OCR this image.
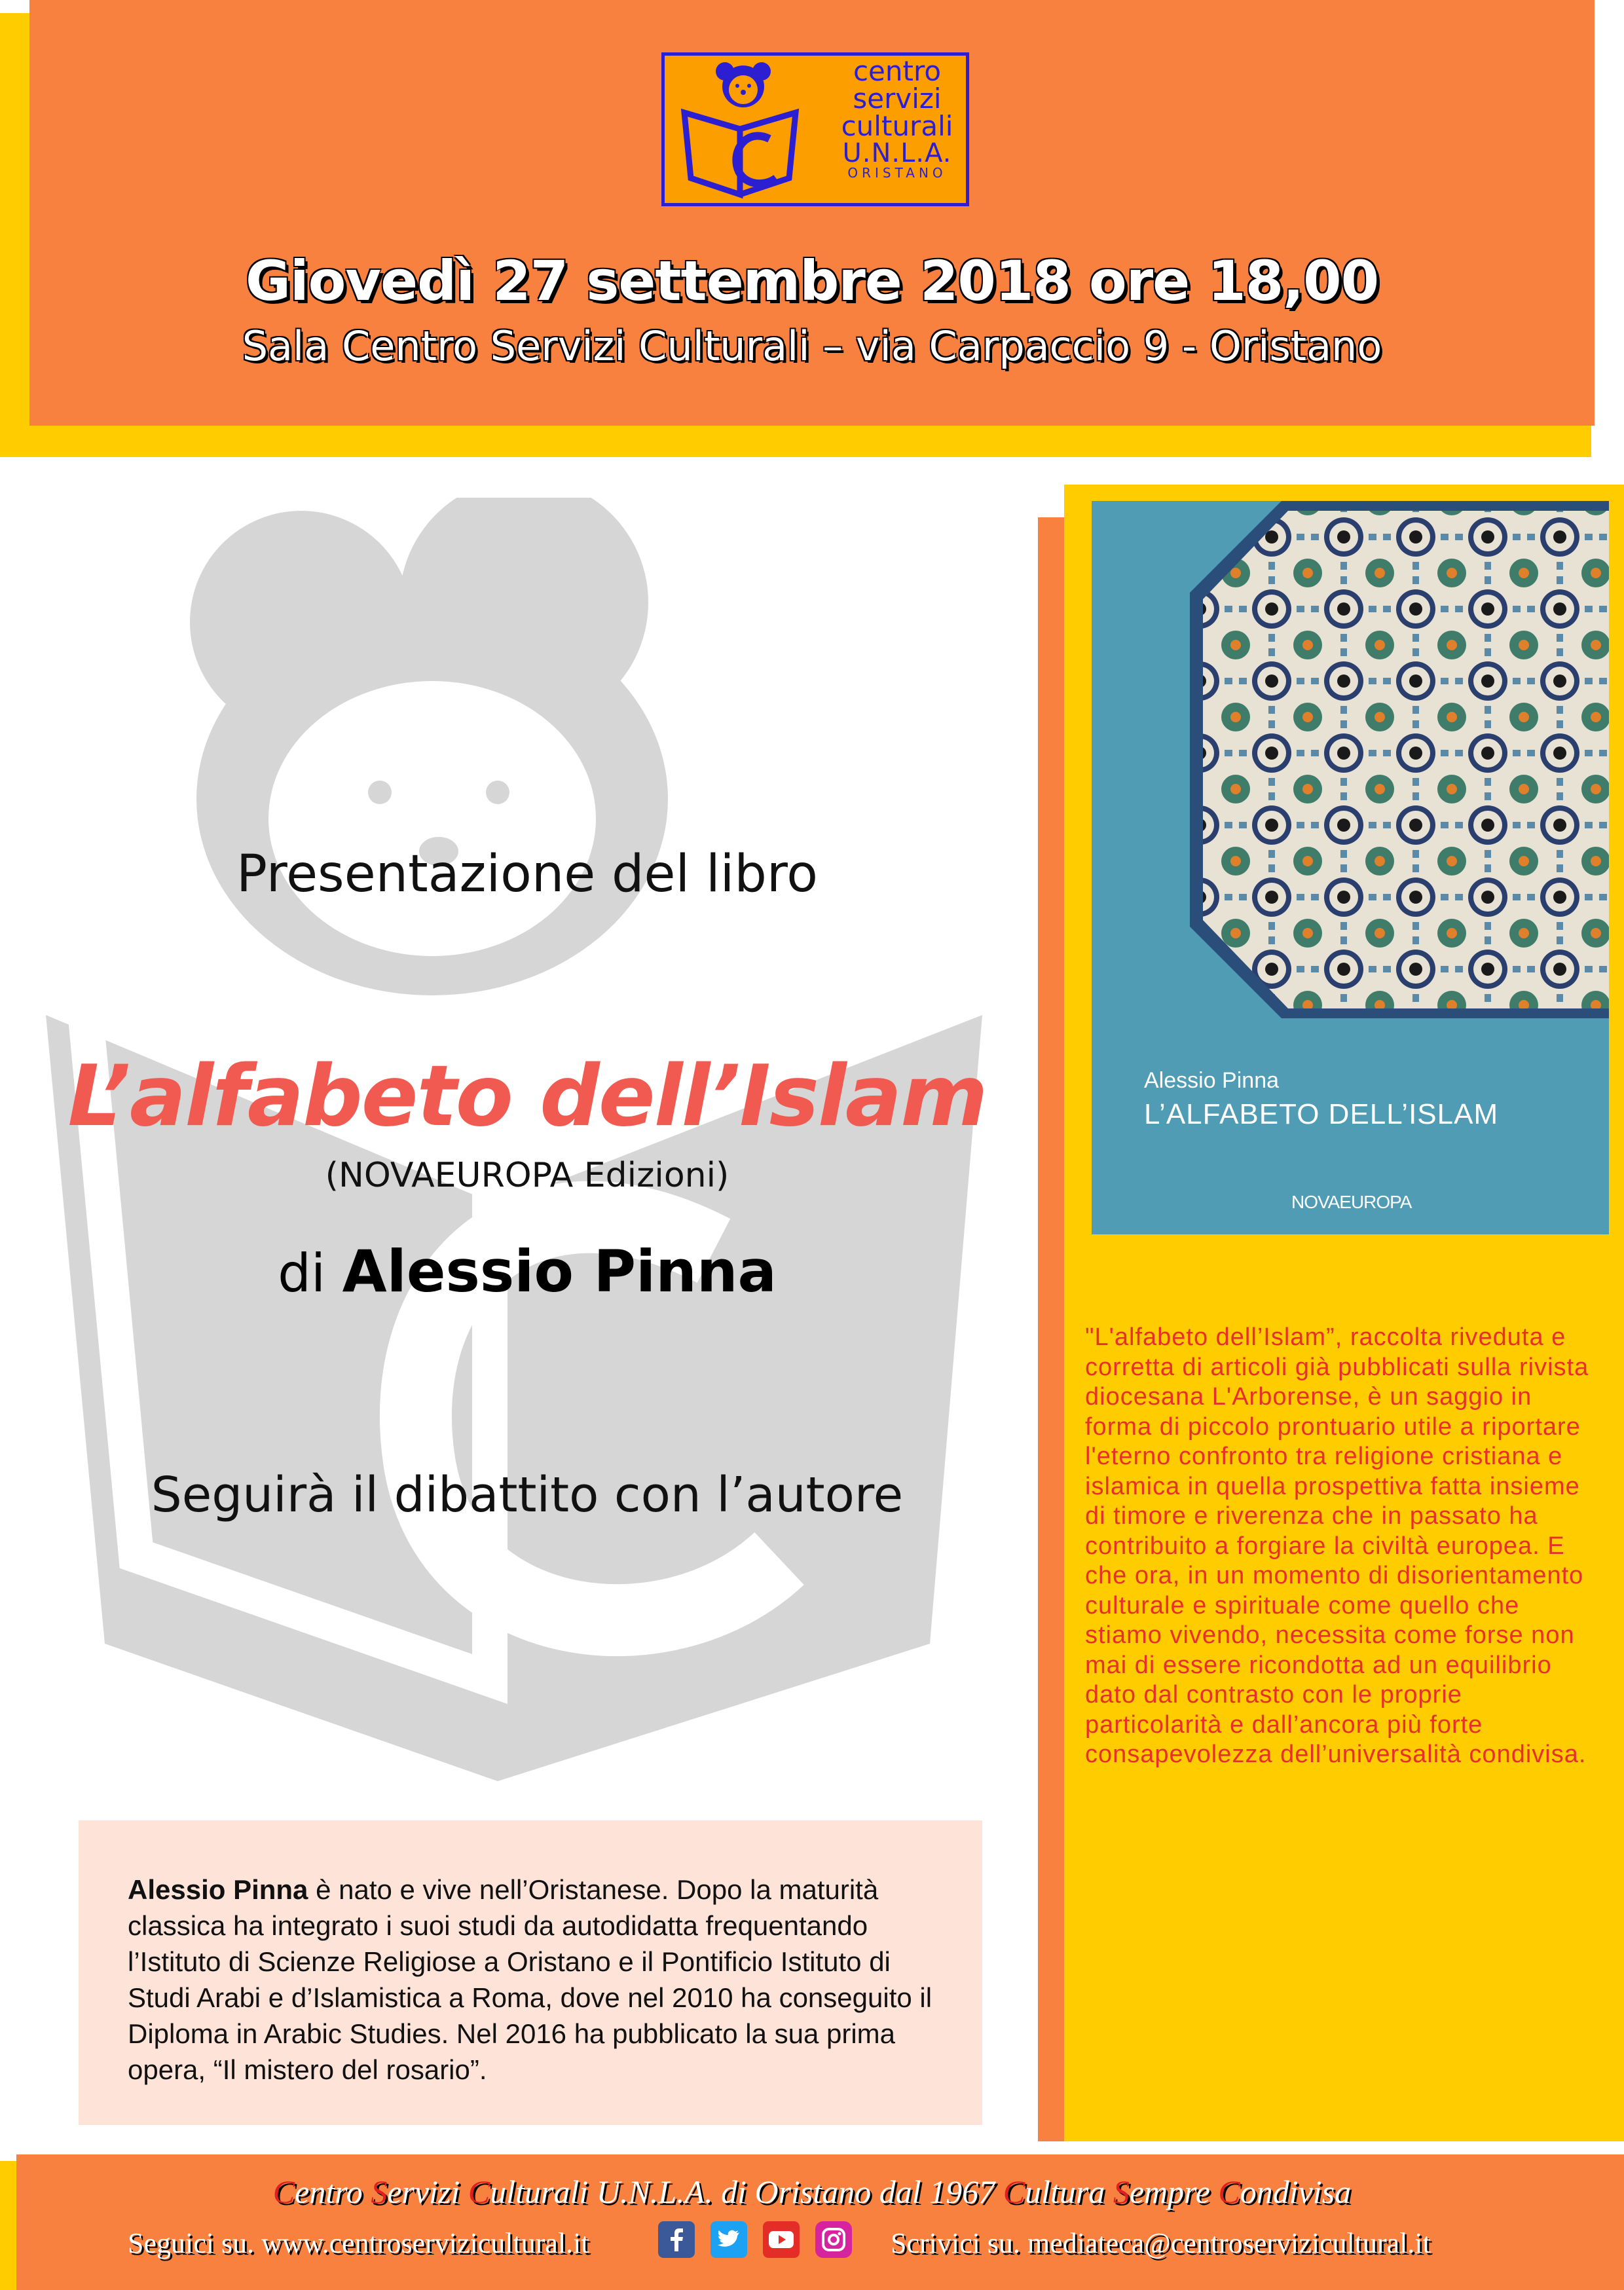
centro
servizi
culturali
U.N.L.A.
ORISTANO
Giovedì 27 settembre 2018 ore 18,00
Sala Centro Servizi Culturali – via Carpaccio 9 - Oristano
Presentazione del libro
L’alfabeto dell’Islam
(NOVAEUROPA Edizioni)
di Alessio Pinna
Seguirà il dibattito con l’autore
Alessio Pinna è nato e vive nell’Oristanese. Dopo la maturità classica ha integrato i suoi studi da autodidatta frequentando l’Istituto di Scienze Religiose a Oristano e il Pontificio Istituto di Studi Arabi e d’Islamistica a Roma, dove nel 2010 ha conseguito il Diploma in Arabic Studies. Nel 2016 ha pubblicato la sua prima opera, “Il mistero del rosario”.
Alessio Pinna
L’ALFABETO DELL’ISLAM
NOVAEUROPA
"L'alfabeto dell’Islam”, raccolta riveduta e corretta di articoli già pubblicati sulla rivista diocesana L'Arborense, è un saggio in forma di piccolo prontuario utile a riportare l'eterno confronto tra religione cristiana e islamica in quella prospettiva fatta insieme di timore e riverenza che in passato ha contribuito a forgiare la civiltà europea. E che ora, in un momento di disorientamento culturale e spirituale come quello che stiamo vivendo, necessita come forse non mai di essere ricondotta ad un equilibrio dato dal contrasto con le proprie particolarità e dall’ancora più forte consapevolezza dell’universalità condivisa.
Centro Servizi Culturali U.N.L.A. di Oristano dal 1967 Cultura Sempre Condivisa
Seguici su. www.centroservizicultural.it	Scrivici su. mediateca@centroservizicultural.it
